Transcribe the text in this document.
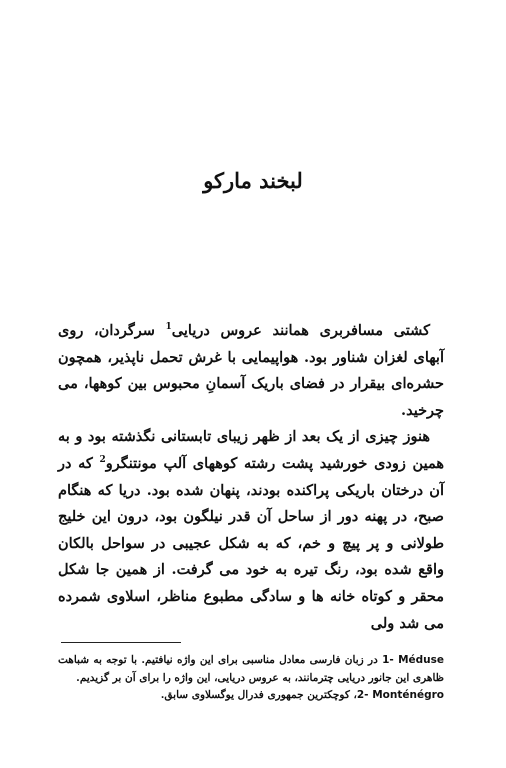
لبخند مارکو

کشتی مسافربری همانند عروس دریایی$^1$ سرگردان، روی آبهای لغزان شناور بود. هواپیمایی با غرش تحمل ناپذیر، همچون حشره‌ای بیقرار در فضای باریک آسمانِ محبوس بین کوهها، می چرخید.

هنوز چیزی از یک بعد از ظهر زیبای تابستانی نگذشته بود و به همین زودی خورشید پشت رشته کوههای آلپ مونتنگرو$^2$ که در آن درختان باریکی پراکنده بودند، پنهان شده بود. دریا که هنگام صبح، در پهنه دور از ساحل آن قدر نیلگون بود، درون این خلیج طولانی و پر پیچ و خم، که به شکل عجیبی در سواحل بالکان واقع شده بود، رنگ تیره به خود می گرفت. از همین جا شکل محقر و کوتاه خانه ها و سادگی مطبوع مناظر، اسلاوی شمرده می شد ولی

1- Méduse در زبان فارسی معادل مناسبی برای این واژه نیافتیم. با توجه به شباهت ظاهری این جانور دریایی چترمانند، به عروس دریایی، این واژه را برای آن بر گزیدیم.

2- Monténégro، کوچکترین جمهوری فدرال یوگسلاوی سابق.
